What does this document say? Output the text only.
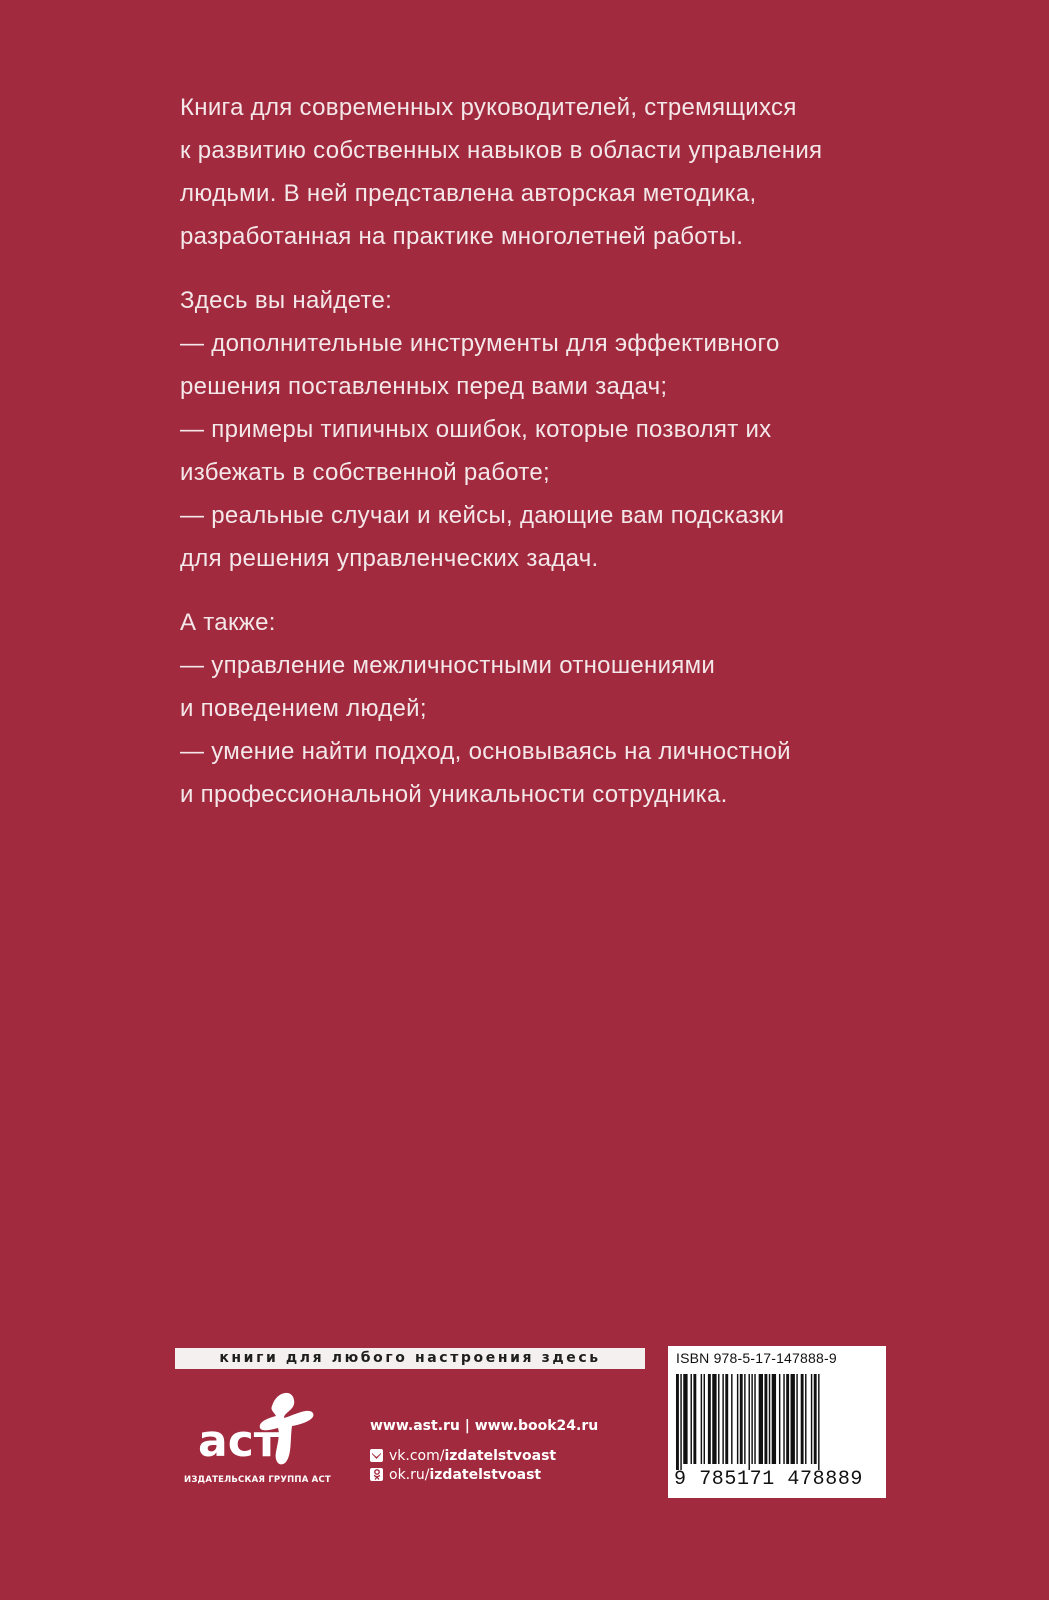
Книга для современных руководителей, стремящихся
к развитию собственных навыков в области управления
людьми. В ней представлена авторская методика,
разработанная на практике многолетней работы.
Здесь вы найдете:
— дополнительные инструменты для эффективного
решения поставленных перед вами задач;
— примеры типичных ошибок, которые позволят их
избежать в собственной работе;
— реальные случаи и кейсы, дающие вам подсказки
для решения управленческих задач.
А также:
— управление межличностными отношениями
и поведением людей;
— умение найти подход, основываясь на личностной
и профессиональной уникальности сотрудника.
книги для любого настроения здесь
аст
ИЗДАТЕЛЬСКАЯ ГРУППА АСТ
www.ast.ru | www.book24.ru
vk.com/ izdatelstvoast
ok.ru/ izdatelstvoast
ISBN 978-5-17-147888-9
9 785171 478889
